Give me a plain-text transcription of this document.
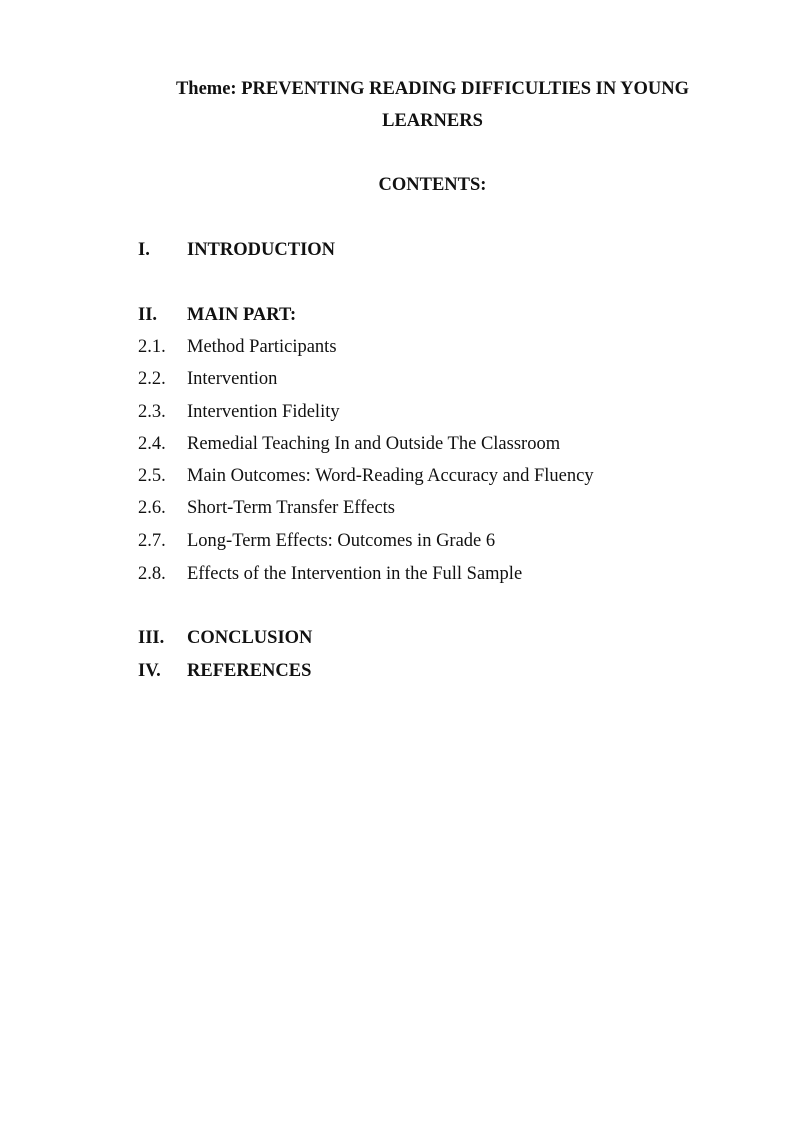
Theme: PREVENTING READING DIFFICULTIES IN YOUNG
LEARNERS
CONTENTS:
I. INTRODUCTION
II. MAIN PART:
2.1. Method Participants
2.2. Intervention
2.3. Intervention Fidelity
2.4. Remedial Teaching In and Outside The Classroom
2.5. Main Outcomes: Word-Reading Accuracy and Fluency
2.6. Short-Term Transfer Effects
2.7. Long-Term Effects: Outcomes in Grade 6
2.8. Effects of the Intervention in the Full Sample
III. CONCLUSION
IV. REFERENCES
